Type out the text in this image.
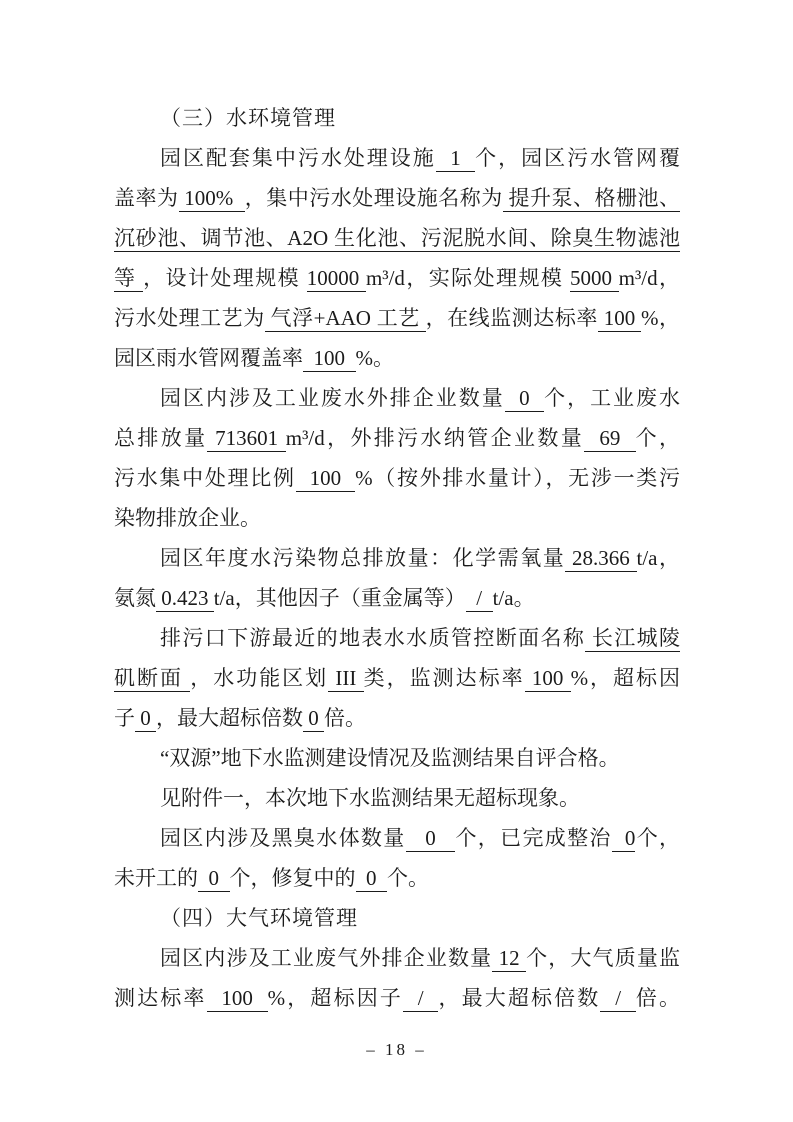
（三）水环境管理
园区配套集中污水处理设施  1  个，园区污水管网覆
盖率为 100%  ，集中污水处理设施名称为 提升泵、格栅池、
沉砂池、调节池、A2O 生化池、污泥脱水间、除臭生物滤池
等 ，设计处理规模 10000 m³/d，实际处理规模 5000 m³/d，
污水处理工艺为 气浮+AAO 工艺 ，在线监测达标率 100 %，
园区雨水管网覆盖率  100  %。
园区内涉及工业废水外排企业数量  0  个，工业废水
总排放量 713601 m³/d，外排污水纳管企业数量  69  个，
污水集中处理比例  100  %（按外排水量计），无涉一类污
染物排放企业。
园区年度水污染物总排放量：化学需氧量 28.366 t/a，
氨氮 0.423 t/a，其他因子（重金属等）  /  t/a。
排污口下游最近的地表水水质管控断面名称 长江城陵
矶断面 ，水功能区划 III 类，监测达标率 100 %，超标因
子 0 ，最大超标倍数 0 倍。
“双源”地下水监测建设情况及监测结果自评合格。
见附件一，本次地下水监测结果无超标现象。
园区内涉及黑臭水体数量   0   个，已完成整治  0个，
未开工的  0  个，修复中的  0  个。
（四）大气环境管理
园区内涉及工业废气外排企业数量 12 个，大气质量监
测达标率  100  %，超标因子  /  ，最大超标倍数  /  倍。
– 18 –
